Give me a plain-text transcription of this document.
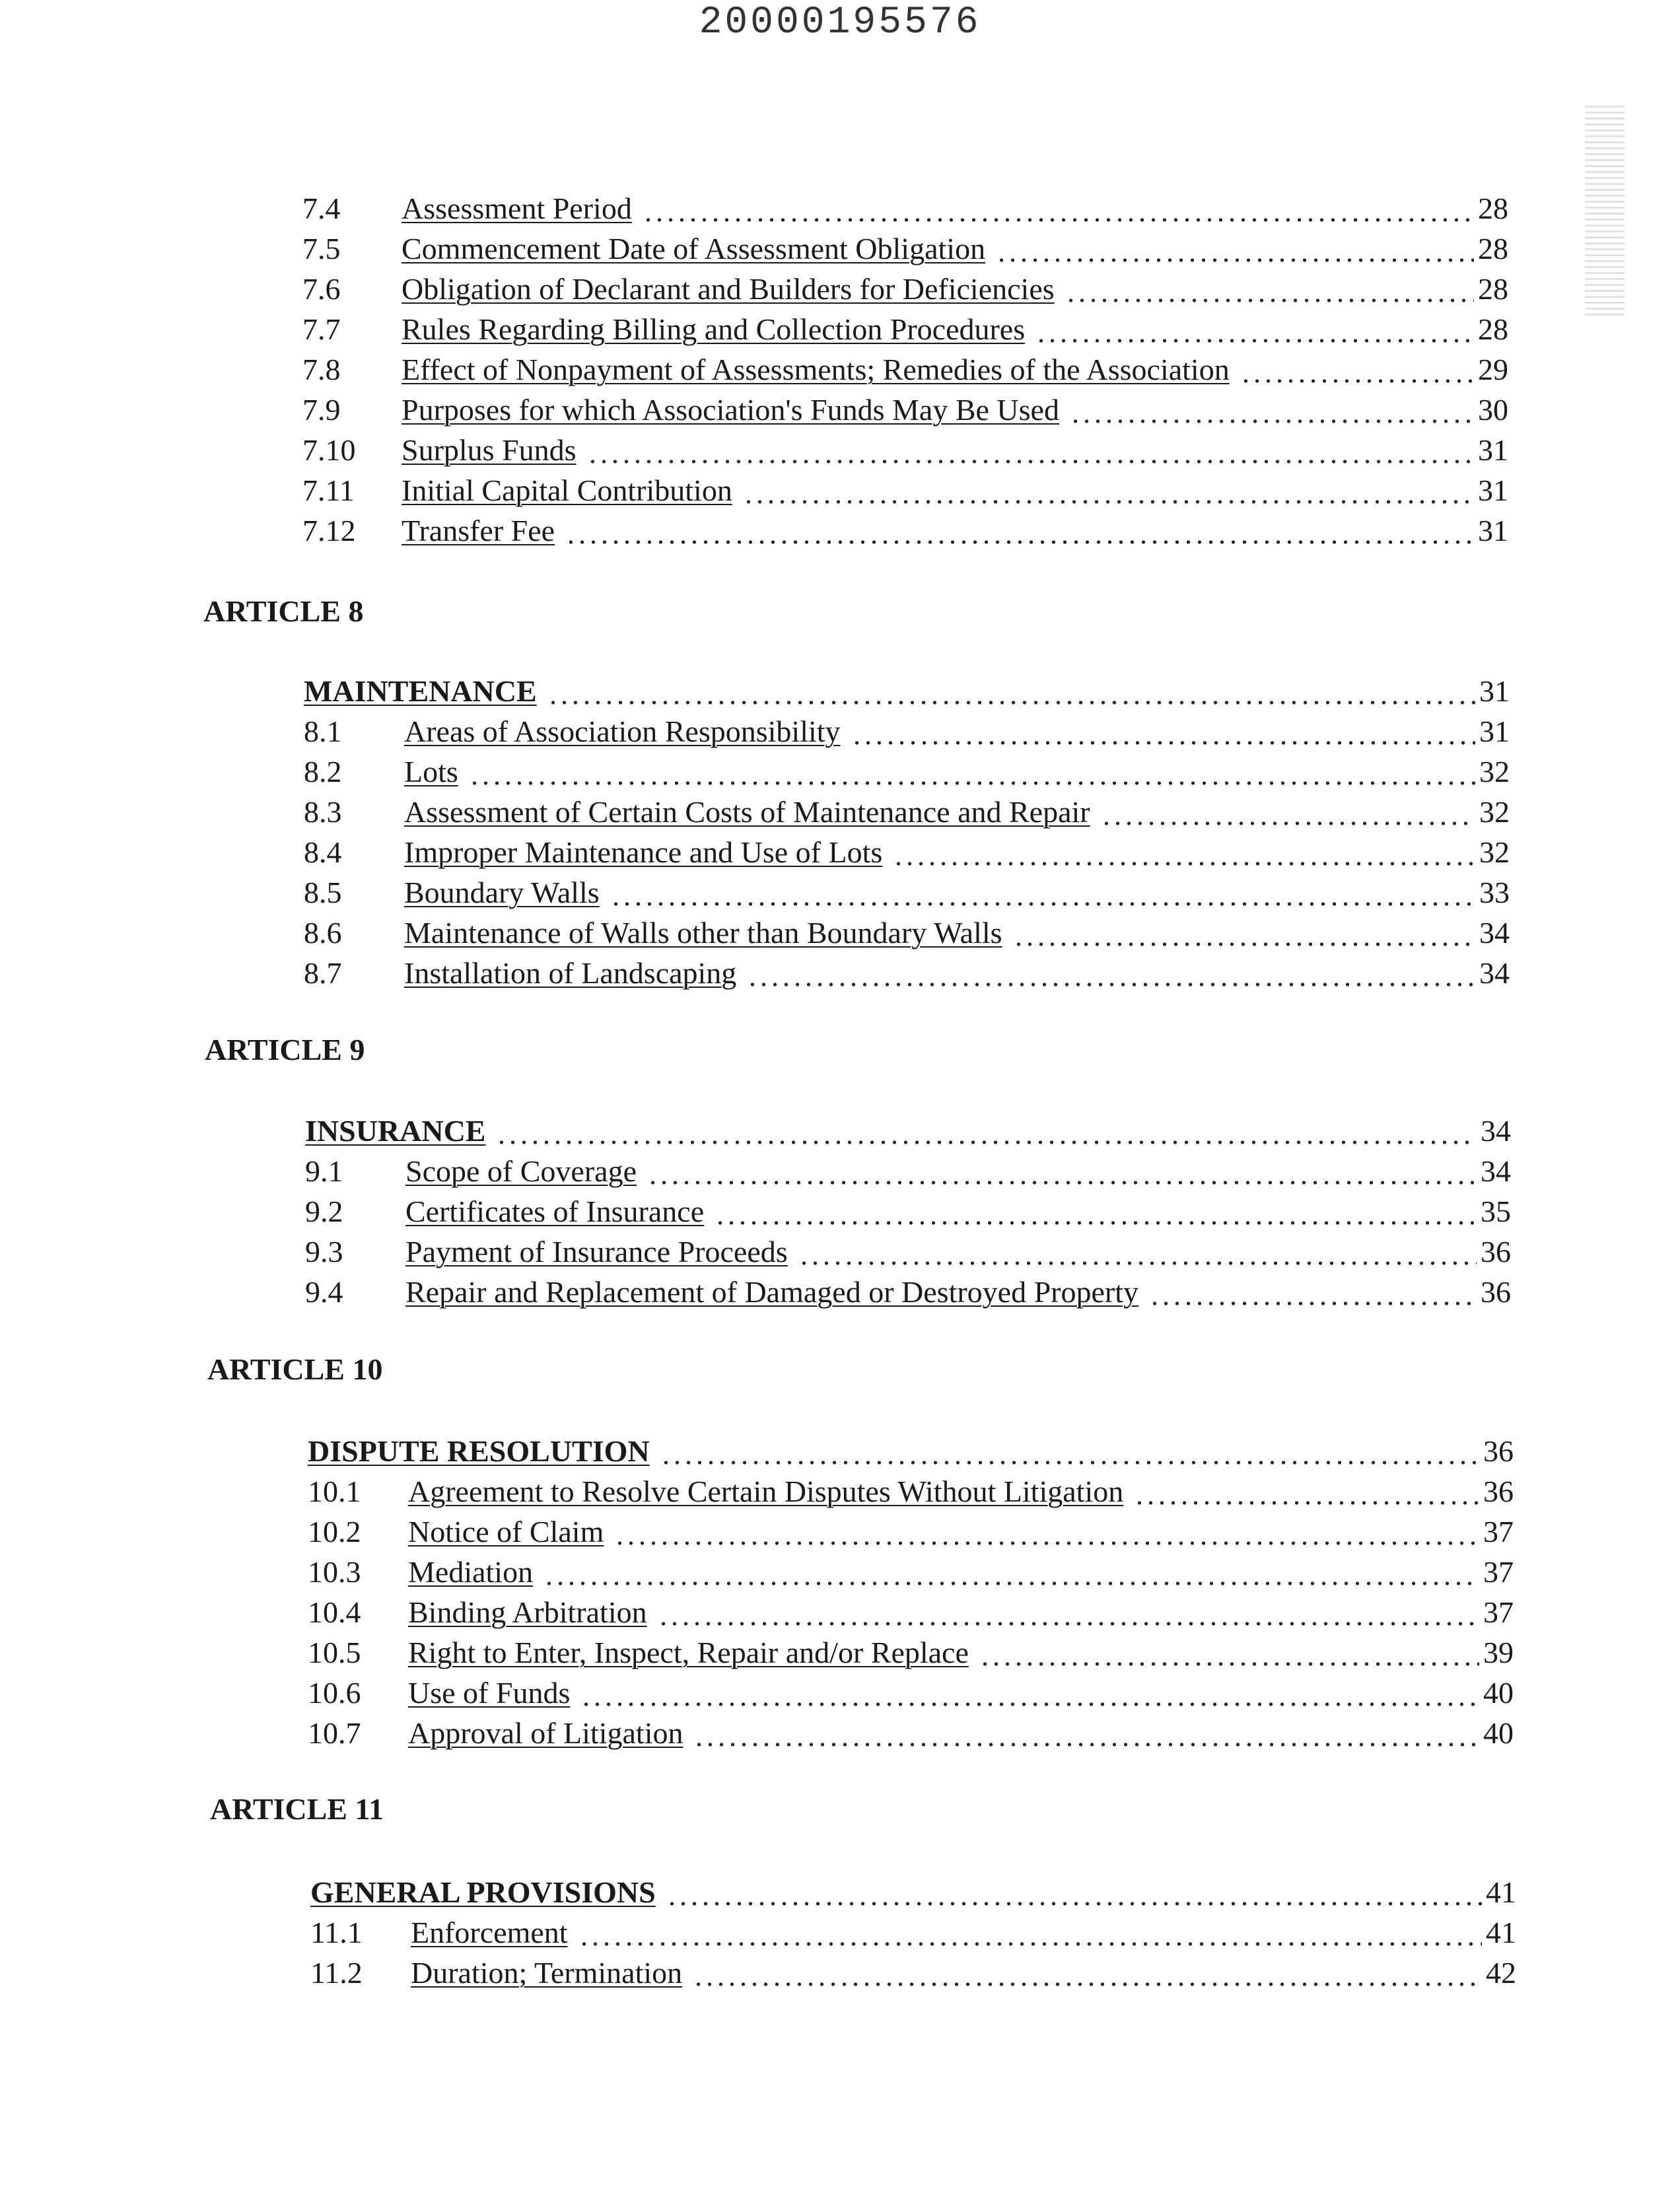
20000195576
7.4	Assessment Period	28
7.5	Commencement Date of Assessment Obligation	28
7.6	Obligation of Declarant and Builders for Deficiencies	28
7.7	Rules Regarding Billing and Collection Procedures	28
7.8	Effect of Nonpayment of Assessments; Remedies of the Association	29
7.9	Purposes for which Association's Funds May Be Used	30
7.10	Surplus Funds	31
7.11	Initial Capital Contribution	31
7.12	Transfer Fee	31
ARTICLE 8
MAINTENANCE	31
8.1	Areas of Association Responsibility	31
8.2	Lots	32
8.3	Assessment of Certain Costs of Maintenance and Repair	32
8.4	Improper Maintenance and Use of Lots	32
8.5	Boundary Walls	33
8.6	Maintenance of Walls other than Boundary Walls	34
8.7	Installation of Landscaping	34
ARTICLE 9
INSURANCE	34
9.1	Scope of Coverage	34
9.2	Certificates of Insurance	35
9.3	Payment of Insurance Proceeds	36
9.4	Repair and Replacement of Damaged or Destroyed Property	36
ARTICLE 10
DISPUTE RESOLUTION	36
10.1	Agreement to Resolve Certain Disputes Without Litigation	36
10.2	Notice of Claim	37
10.3	Mediation	37
10.4	Binding Arbitration	37
10.5	Right to Enter, Inspect, Repair and/or Replace	39
10.6	Use of Funds	40
10.7	Approval of Litigation	40
ARTICLE 11
GENERAL PROVISIONS	41
11.1	Enforcement	41
11.2	Duration; Termination	42
